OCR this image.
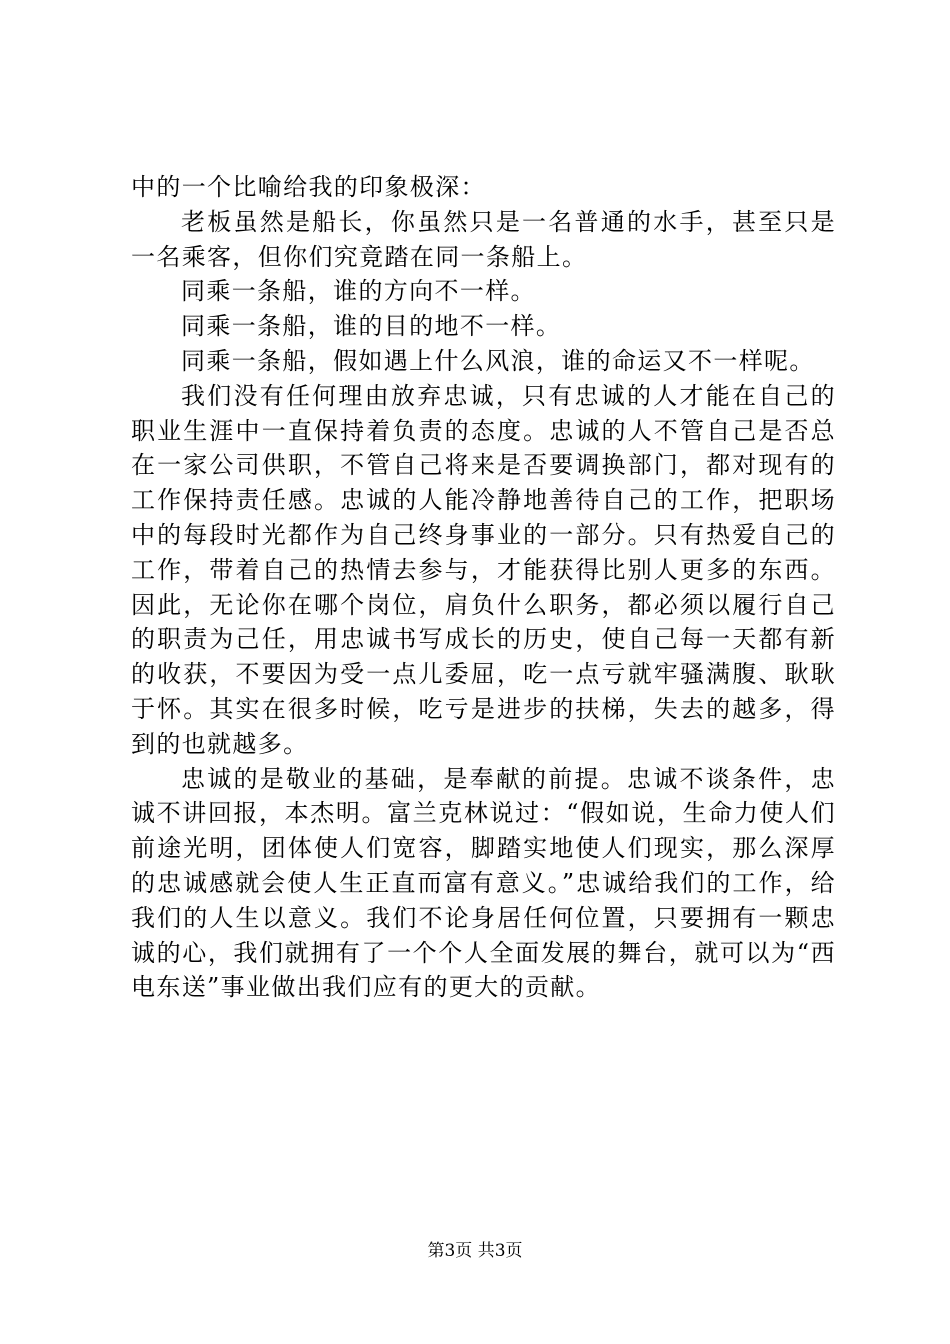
中的一个比喻给我的印象极深：

老板虽然是船长，你虽然只是一名普通的水手，甚至只是一名乘客，但你们究竟踏在同一条船上。

同乘一条船，谁的方向不一样。

同乘一条船，谁的目的地不一样。

同乘一条船，假如遇上什么风浪，谁的命运又不一样呢。

我们没有任何理由放弃忠诚，只有忠诚的人才能在自己的职业生涯中一直保持着负责的态度。忠诚的人不管自己是否总在一家公司供职，不管自己将来是否要调换部门，都对现有的工作保持责任感。忠诚的人能冷静地善待自己的工作，把职场中的每段时光都作为自己终身事业的一部分。只有热爱自己的工作，带着自己的热情去参与，才能获得比别人更多的东西。因此，无论你在哪个岗位，肩负什么职务，都必须以履行自己的职责为己任，用忠诚书写成长的历史，使自己每一天都有新的收获，不要因为受一点儿委屈，吃一点亏就牢骚满腹、耿耿于怀。其实在很多时候，吃亏是进步的扶梯，失去的越多，得到的也就越多。

忠诚的是敬业的基础，是奉献的前提。忠诚不谈条件，忠诚不讲回报，本杰明。富兰克林说过：“假如说，生命力使人们前途光明，团体使人们宽容，脚踏实地使人们现实，那么深厚的忠诚感就会使人生正直而富有意义。”忠诚给我们的工作，给我们的人生以意义。我们不论身居任何位置，只要拥有一颗忠诚的心，我们就拥有了一个个人全面发展的舞台，就可以为“西电东送”事业做出我们应有的更大的贡献。

第3页 共3页
